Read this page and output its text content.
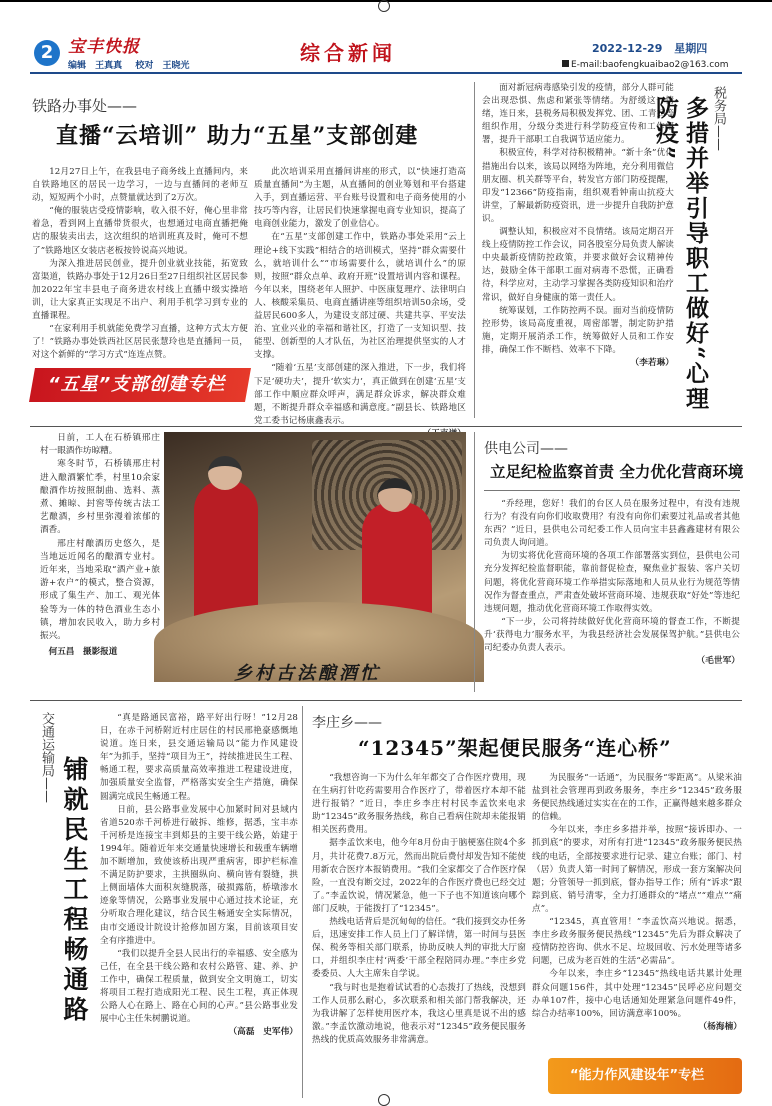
2 宝丰快报
编辑 王真真 校对 王晓光
综合新闻	2022-12-29 星期四
E-mail:baofengkuaibao2@163.com
铁路办事处——
直播“云培训” 助力“五星”支部创建

12月27日上午，在我县电子商务线上直播间内，来自铁路地区的居民一边学习，一边与直播间的老师互动，短短两个小时，点赞量就达到了2万次。

“俺的服装店受疫情影响，收入很不好，俺心里非常着急，看到网上直播带货很火，也想通过电商直播把俺店的服装卖出去，这次组织的培训班真及时，俺可不想了”铁路地区女装店老板按铃说高兴地说。

为深入推进居民创业，提升创业就业技能，拓宽致富渠道，铁路办事处于12月26日至27日组织社区居民参加2022年宝丰县电子商务进农村线上直播中级实操培训，让大家真正实现足不出户、利用手机学习到专业的直播课程。

“在家利用手机就能免费学习直播，这种方式太方便了！”铁路办事处铁西社区居民张慧玲也是直播间一员，对这个新鲜的“学习方式”连连点赞。

此次培训采用直播间讲座的形式，以“快速打造高质量直播间”为主题，从直播间的创业筹划和平台搭建入手，到直播运营、平台账号设置和电子商务使用的小技巧等内容，让居民们快速掌握电商专业知识，提高了电商创业能力，激发了创业信心。

在“五星”支部创建工作中，铁路办事处采用“云上理论+线下实践”相结合的培训模式，坚持“群众需要什么，就培训什么”“市场需要什么，就培训什么”的原则，按照“群众点单、政府开班”设置培训内容和课程。今年以来，围绕老年人照护、中医康复理疗、法律明白人、核酸采集员、电商直播讲座等组织培训50余场，受益居民600多人，为建设支部过硬、共建共享、平安法治、宜业兴业的幸福和谐社区，打造了一支知识型、技能型、创新型的人才队伍，为社区治理提供坚实的人才支撑。

“随着‘五星’支部创建的深入推进，下一步，我们将下足‘硬功夫’，提升‘软实力’，真正做到在创建‘五星’支部工作中顺应群众呼声，满足群众诉求，解决群众难题，不断提升群众幸福感和满意度。”副县长、铁路地区党工委书记杨康鑫表示。

“五星”支部创建专栏

面对新冠病毒感染引发的疫情，部分人群可能会出现恐惧、焦虑和紧张等情绪。为舒缓这一情绪，连日来，县税务局积极发挥党、团、工青妇等组织作用，分级分类进行科学防疫宣传和工作部署，提升干部职工自我调节适应能力。

积极宣传，科学对待积极精神。“新十条”优化措施出台以来，该局以网络为阵地，充分利用微信朋友圈、机关群等平台，转发官方部门防疫提醒，印发“12366”防疫指南，组织观看钟南山抗疫大讲堂，了解最新防疫资讯，进一步提升自我防护意识。

调整认知，积极应对不良情绪。该局定期召开线上疫情防控工作会议，同各股室分局负责人解读中央最新疫情防控政策，并要求做好会议精神传达，鼓励全体干部职工面对病毒不恐慌，正确看待，科学应对，主动学习掌握各类防疫知识和治疗常识，做好自身健康的第一责任人。

统筹谋划，工作防控两不误。面对当前疫情防控形势，该局高度重视，周密部署，制定防护措施，定期开展消杀工作，统筹做好人员和工作安排，确保工作不断档、效率不下降。

（李若琳）

税务局——
多措并举引导职工做好“心理防疫”

日前，工人在石桥镇邢庄村一眼酒作坊晾糟。

寒冬时节，石桥镇邢庄村进入酿酒繁忙季，村里10余家酿酒作坊按照制曲、选料、蒸煮、摊晾、封窖等传统古法工艺酿酒，乡村里弥漫着浓郁的酒香。

邢庄村酿酒历史悠久，是当地远近闻名的酿酒专业村。近年来，当地采取“酒产业+旅游+农户”的模式，整合资源，形成了集生产、加工、观光体验等为一体的特色酒业生态小镇，增加农民收入，助力乡村振兴。

何五昌　摄影报道

乡村古法酿酒忙
供电公司——
立足纪检监察首责 全力优化营商环境

“乔经理，您好！我们的台区人员在服务过程中，有没有违规行为？有没有向你们收取费用？有没有向你们索要过礼品或者其他东西？”近日，县供电公司纪委工作人员向宝丰县鑫鑫建材有限公司负责人询问道。

为切实将优化营商环境的各项工作部署落实到位，县供电公司充分发挥纪检监督职能，靠前督促检查，聚焦业扩报装、客户关切问题，将优化营商环境工作举措实际落地和人员从业行为规范等情况作为督查重点，严肃查处破坏营商环境、违规获取“好处”等违纪违规问题，推动优化营商环境工作取得实效。

“下一步，公司将持续做好优化营商环境的督查工作，不断提升‘获得电力’服务水平，为我县经济社会发展保驾护航。”县供电公司纪委办负责人表示。

（毛世军）

交通运输局—— 铺就民生工程畅通路

“真是路通民富裕，路平好出行呀！”12月28日，在赤千河桥附近村庄居住的村民邢艳豪感慨地说道。连日来，县交通运输局以“能力作风建设年”为抓手，坚持“项目为王”，持续推进民生工程、畅通工程，要求高质量高效率推进工程建设进度，加强质量安全监督，严格落实安全生产措施，确保圆满完成民生畅通工程。

日前，县公路事业发展中心加紧时间对县域内省道520赤千河桥进行破拆、维修，据悉，宝丰赤千河桥是连接宝丰到郏县的主要干线公路，始建于1994年。随着近年来交通量快速增长和载重车辆增加不断增加，致使该桥出现严重病害，即护栏标准不满足防护要求，主拱圈纵向、横向皆有裂缝，拱上侧面墙体大面积灰缝脱落，破损露筋，桥墩渗水迹象等情况，公路事业发展中心通过技术论证，充分听取合理化建议，结合民生畅通安全实际情况，由市交通设计院设计抢修加固方案，目前该项目安全有序推进中。

“我们以提升全县人民出行的幸福感、安全感为己任，在全县干线公路和农村公路管、建、养、护工作中，确保工程质量，做到安全文明施工，切实将项目工程打造成阳光工程、民生工程，真正体现公路人心在路上、路在心间的心声。”县公路事业发展中心主任朱树鹏说道。

（高磊　史军伟）

李庄乡——
“12345”架起便民服务“连心桥”

“我想咨询一下为什么年年都交了合作医疗费用，现在生病打针吃药需要用合作医疗了，带着医疗本却不能进行报销？”近日，李庄乡李庄村村民李孟饮来电求助“12345”政务服务热线，称自己看病住院却未能报销相关医药费用。

据李孟饮来电，他今年8月份由于脑梗塞住院4个多月，共计花费7.8万元，然而出院后费付却发告知不能使用新农合医疗本报销费用。“我们全家都交了合作医疗保险，一直没有断交过，2022年的合作医疗费也已经交过了。”李孟饮说，情况紧急，他一下子也不知道该向哪个部门反映，于能拨打了“12345”。

热线电话背后是沉甸甸的信任。“我们接到交办任务后，迅速安排工作人员上门了解详情，第一时间与县医保、税务等相关部门联系，协助反映人判的审批大厅窗口，并组织李庄村‘两委’干部全程陪同办理。”李庄乡党委委员、人大主席朱自学说。

“我与时也是抱着试试看的心态拨打了热线，没想到工作人员那么耐心，多次联系和相关部门帮我解决，还为我讲解了怎样使用医疗本，我这心里真是说不出的感激。”李孟饮激动地说，他表示对“12345”政务便民服务热线的优质高效服务非常满意。

为民服务“一话通”，为民服务“零距离”。从梁米油盐到社会管理再到政务服务，李庄乡“12345”政务服务便民热线通过实实在在的工作，正赢得越来越多群众的信赖。

今年以来，李庄乡多措并举，按照“接诉即办、一抓到底”的要求，对所有打进“12345”政务服务便民热线的电话，全部按要求进行记录、建立台账；部门、村（居）负责人第一时间了解情况，形成一套方案解决问题；分管领导一抓到底，督办指导工作；所有“诉求”跟踪到底、销号清零，全力打通群众的“堵点”“难点”“痛点”。

“12345，真直管用！”李孟饮高兴地说。据悉，李庄乡政务服务便民热线“12345”先后为群众解决了疫情防控咨询、供水不足、垃圾回收、污水处理等诸多问题，已成为老百姓的生活“必需品”。

今年以来，李庄乡“12345”热线电话共累计处理群众问题156件，其中处理“12345”民呼必应问题交办单107件，接中心电话通知处理紧急问题件49件，综合办结率100%，回访满意率100%。

（杨海楠）

“能力作风建设年”专栏
